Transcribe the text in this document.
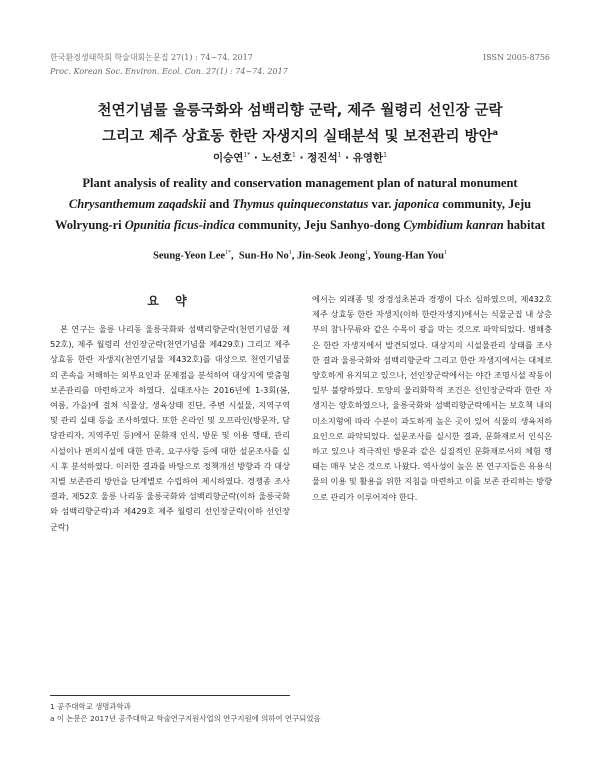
한국환경생태학회 학술대회논문집 27(1) : 74~74. 2017
Proc. Korean Soc. Environ. Ecol. Con. 27(1) : 74~74. 2017
ISSN 2005-8756
천연기념물 울릉국화와 섬백리향 군락, 제주 월령리 선인장 군락
그리고 제주 상효동 한란 자생지의 실태분석 및 보전관리 방안$^a$
이승연$^{1*}$ · 노선호$^1$ · 정진석$^1$ · 유영한$^1$
Plant analysis of reality and conservation management plan of natural monument
Chrysanthemum zaqadskii and Thymus quinqueconstatus var. japonica community, Jeju
Wolryung-ri Opunitia ficus-indica community, Jeju Sanhyo-dong Cymbidium kanran habitat
Seung-Yeon Lee$^{1*}$,  Sun-Ho No$^1$, Jin-Seok Jeong$^1$, Young-Han You$^1$
요 약
본 연구는 울릉 나리동 울릉국화와 섬백리향군락(천연기념물 제52호), 제주 월령리 선인장군락(천연기념물 제429호) 그리고 제주 상효동 한란 자생지(천연기념물 제432호)를 대상으로 천연기념물의 존속을 저해하는 외부요인과 문제점을 분석하여 대상지에 맞춤형 보존관리를 마련하고자 하였다. 실태조사는 2016년에 1-3회(봄, 여름, 가을)에 걸쳐 식물상, 생육상태 진단, 주변 시설물, 지역구역 및 관리 실태 등을 조사하였다. 또한 온라인 및 오프라인(방문자, 담당관리자, 지역주민 등)에서 문화재 인식, 방문 및 이용 행태, 관리시설이나 편의시설에 대한 만족, 요구사항 등에 대한 설문조사를 실시 후 분석하였다. 이러한 결과를 바탕으로 정책개선 방향과 각 대상지별 보존관리 방안을 단계별로 수립하여 제시하였다. 경쟁종 조사 결과, 제52호 울릉 나리동 울릉국화와 섬백리향군락(이하 울릉국화와 섬백리향군락)과 제429호 제주 월령리 선인장군락(이하 선인장군락)
에서는 외래종 및 장경성초본과 경쟁이 다소 심하였으며, 제432호 제주 상효동 한란 자생지(이하 한란자생지)에서는 식물군집 내 상층부의 참나무류와 같은 수목이 광을 막는 것으로 파악되었다. 병해충은 한란 자생지에서 발견되었다. 대상지의 시설물관리 상태를 조사한 결과 울릉국화와 섬백리향군락 그리고 한란 자생지에서는 대체로 양호하게 유지되고 있으나, 선인장군락에서는 야간 조명시설 작동이 일부 불량하였다. 토양의 물리화학적 조건은 선인장군락과 한란 자생지는 양호하였으나, 울릉국화와 섬백리향군락에서는 보호책 내의 미소지형에 따라 수분이 과도하게 높은 곳이 있어 식물의 생육저하 요인으로 파악되었다. 설문조사를 실시한 결과, 문화재로서 인식은 하고 있으나 적극적인 방문과 같은 실질적인 문화재로서의 체험 행태는 매우 낮은 것으로 나왔다. 역사성이 높은 본 연구지들은 유용식물의 이용 및 활용을 위한 지침을 마련하고 이를 보존 관리하는 방향으로 관리가 이루어져야 한다.
1 공주대학교 생명과학과
a 이 논문은 2017년 공주대학교 학술연구지원사업의 연구지원에 의하여 연구되었음
